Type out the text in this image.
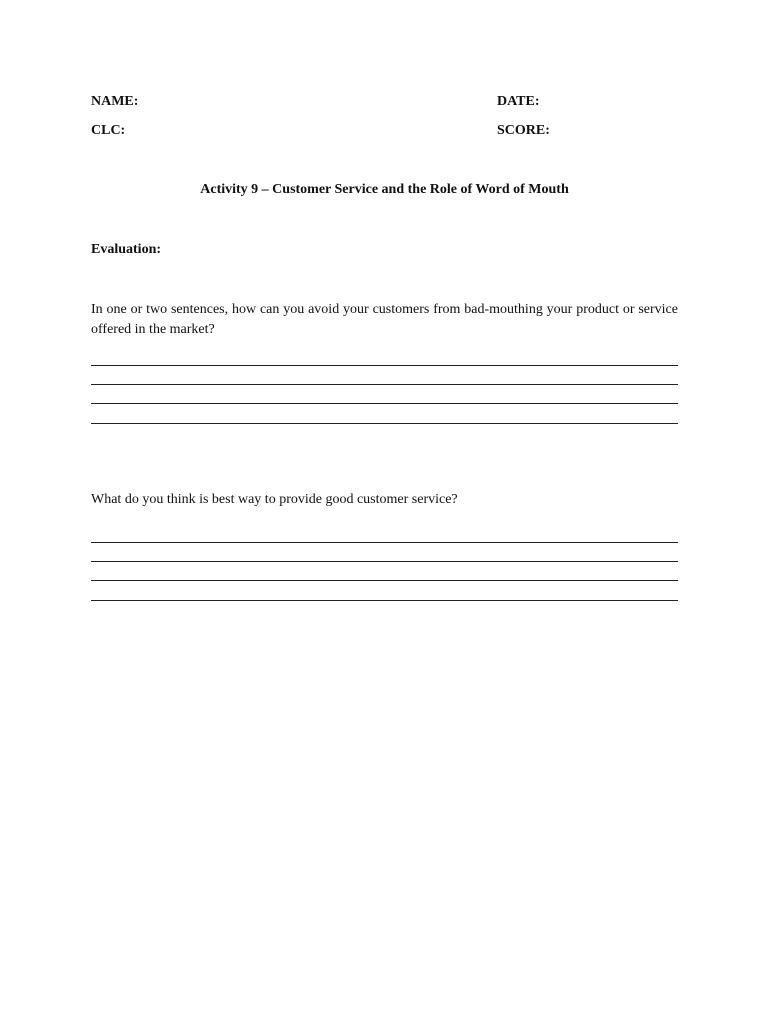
NAME:	DATE:
CLC:	SCORE:
Activity 9 – Customer Service and the Role of Word of Mouth
Evaluation:
In one or two sentences, how can you avoid your customers from bad-mouthing your product or service offered in the market?
What do you think is best way to provide good customer service?
